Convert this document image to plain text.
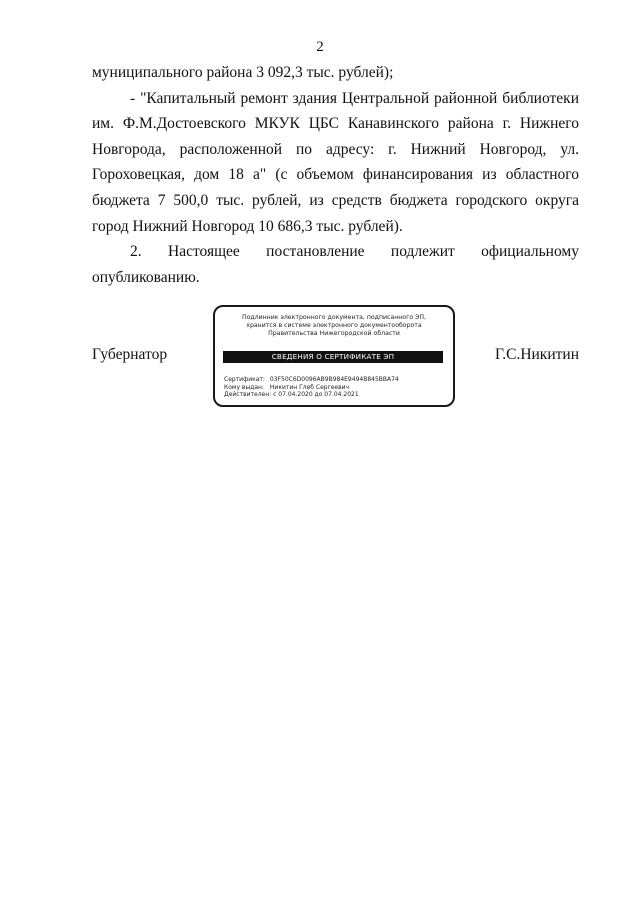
2

муниципального района 3 092,3 тыс. рублей);

- "Капитальный ремонт здания Центральной районной библиотеки им. Ф.М.Достоевского МКУК ЦБС Канавинского района г. Нижнего Новгорода, расположенной по адресу: г. Нижний Новгород, ул. Гороховецкая, дом 18 а" (с объемом финансирования из областного бюджета 7 500,0 тыс. рублей, из средств бюджета городского округа город Нижний Новгород 10 686,3 тыс. рублей).

2. Настоящее постановление подлежит официальному опубликованию.

Губернатор
Подлинник электронного документа, подписанного ЭП,
хранится в системе электронного документооборота
Правительства Нижегородской области
СВЕДЕНИЯ О СЕРТИФИКАТЕ ЭП
Сертификат: 03F50C6D0096AB9B984E9494B845BBA74
Кому выдан: Никитин Глеб Сергеевич
Действителен: с 07.04.2020 до 07.04.2021
Г.С.Никитин
